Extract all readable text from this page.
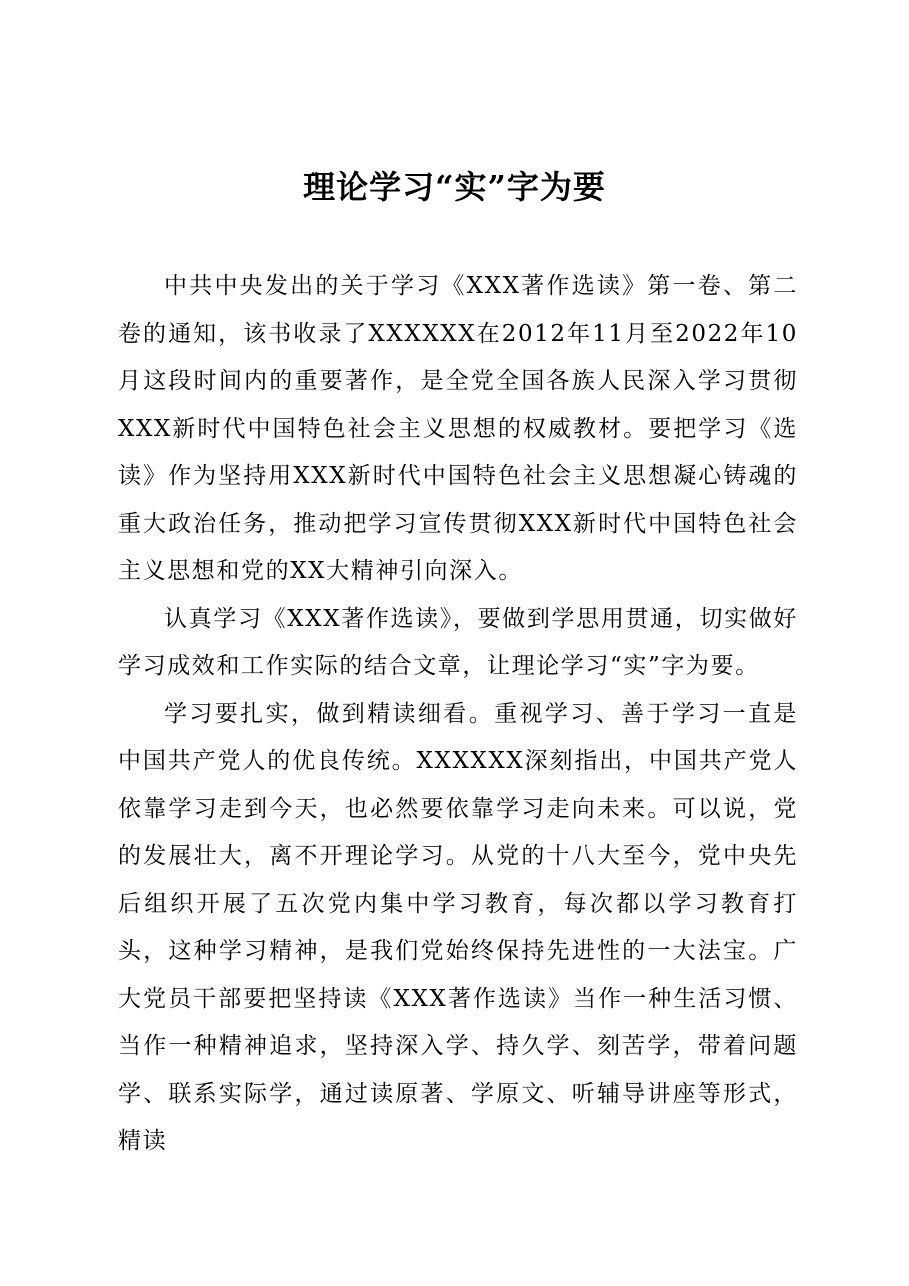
理论学习“实”字为要

中共中央发出的关于学习《XXX著作选读》第一卷、第二卷的通知，该书收录了XXXXXX在2012年11月至2022年10月这段时间内的重要著作，是全党全国各族人民深入学习贯彻XXX新时代中国特色社会主义思想的权威教材。要把学习《选读》作为坚持用XXX新时代中国特色社会主义思想凝心铸魂的重大政治任务，推动把学习宣传贯彻XXX新时代中国特色社会主义思想和党的XX大精神引向深入。

认真学习《XXX著作选读》，要做到学思用贯通，切实做好学习成效和工作实际的结合文章，让理论学习“实”字为要。

学习要扎实，做到精读细看。重视学习、善于学习一直是中国共产党人的优良传统。XXXXXX深刻指出，中国共产党人依靠学习走到今天，也必然要依靠学习走向未来。可以说，党的发展壮大，离不开理论学习。从党的十八大至今，党中央先后组织开展了五次党内集中学习教育，每次都以学习教育打头，这种学习精神，是我们党始终保持先进性的一大法宝。广大党员干部要把坚持读《XXX著作选读》当作一种生活习惯、当作一种精神追求，坚持深入学、持久学、刻苦学，带着问题学、联系实际学，通过读原著、学原文、听辅导讲座等形式，精读
